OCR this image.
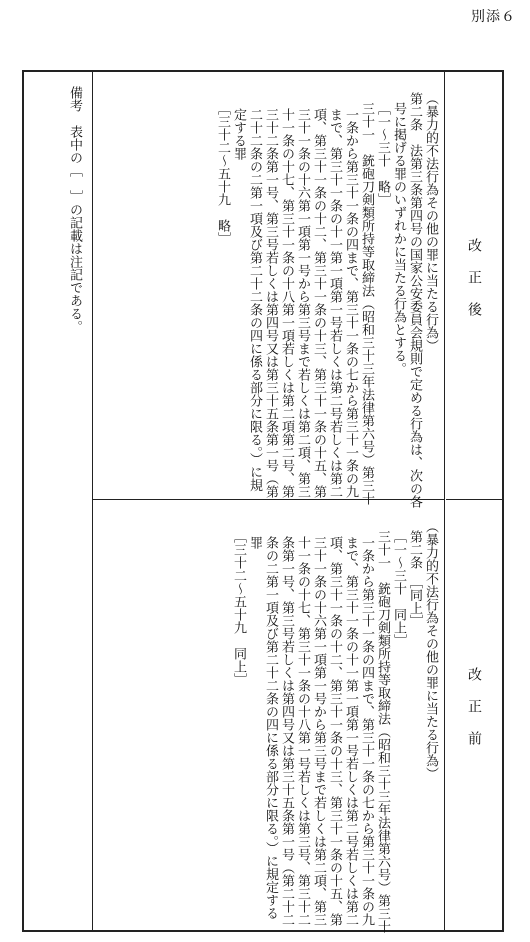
別添６
改正後
改正前
（暴力的不法行為その他の罪に当たる行為）
第二条　法第三条第四号の国家公安委員会規則で定める行為は、次の各
号に掲げる罪のいずれかに当たる行為とする。
［一～三十　略］
三十一　銃砲刀剣類所持等取締法（昭和三十三年法律第六号）第三十
一条から第三十一条の四まで、第三十一条の七から第三十一条の九
まで、第三十一条の十一第一項第一号若しくは第二号若しくは第二
項、第三十一条の十二、第三十一条の十三、第三十一条の十五、第
三十一条の十六第一項第一号から第三号まで若しくは第二項、第三
十一条の十七、第三十一条の十八第一項若しくは第二項第二号、第
三十二条第一号、第三号若しくは第四号又は第三十五条第一号（第
二十二条の二第一項及び第二十二条の四に係る部分に限る。）に規
定する罪
［三十二～五十九　略］
（暴力的不法行為その他の罪に当たる行為）
第二条　［同上］
［一～三十　同上］
三十一　銃砲刀剣類所持等取締法（昭和三十三年法律第六号）第三十
一条から第三十一条の四まで、第三十一条の七から第三十一条の九
まで、第三十一条の十一第一項第一号若しくは第二号若しくは第二
項、第三十一条の十二、第三十一条の十三、第三十一条の十五、第
三十一条の十六第一項第一号から第三号まで若しくは第二項、第三
十一条の十七、第三十一条の十八第一号若しくは第三号、第三十二
条第一号、第三号若しくは第四号又は第三十五条第一号（第二十二
条の二第一項及び第二十二条の四に係る部分に限る。）に規定する
罪
［三十二～五十九　同上］
備考　表中の［　］の記載は注記である。
